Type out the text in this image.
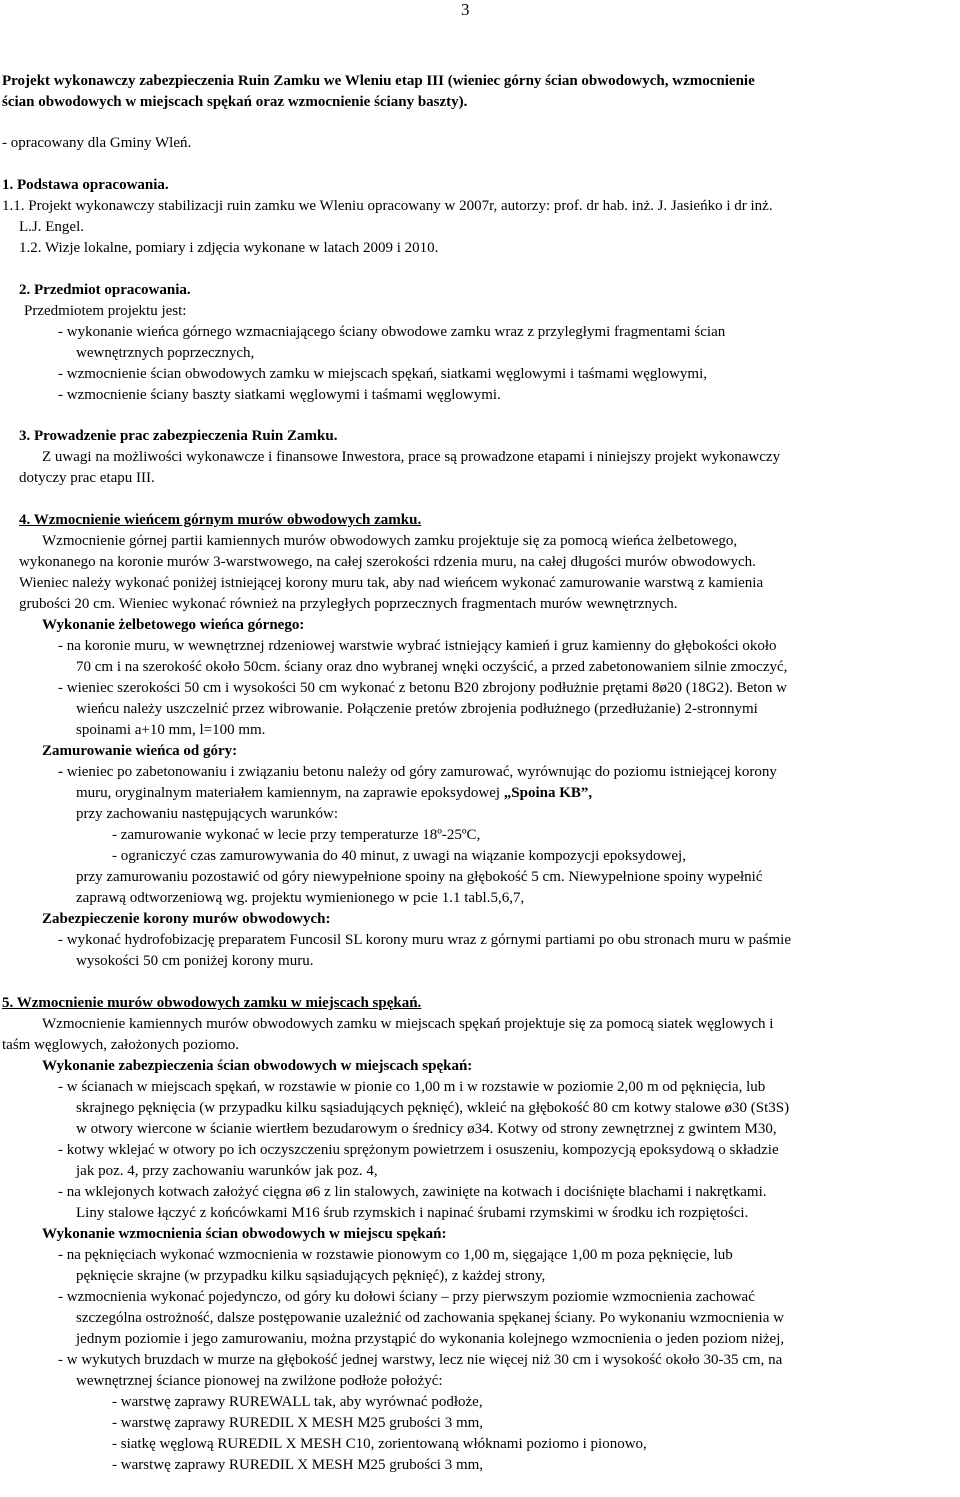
3
Projekt wykonawczy zabezpieczenia Ruin Zamku we Wleniu etap III (wieniec górny ścian obwodowych, wzmocnienie
ścian obwodowych w miejscach spękań oraz wzmocnienie ściany baszty).
- opracowany dla Gminy Wleń.
1. Podstawa opracowania.
1.1. Projekt wykonawczy stabilizacji ruin zamku we Wleniu opracowany w 2007r, autorzy: prof. dr hab. inż. J. Jasieńko i dr inż.
L.J. Engel.
1.2. Wizje lokalne, pomiary i zdjęcia wykonane w latach 2009 i 2010.
2. Przedmiot opracowania.
Przedmiotem projektu jest:
- wykonanie wieńca górnego wzmacniającego ściany obwodowe zamku wraz z przyległymi fragmentami ścian
wewnętrznych poprzecznych,
- wzmocnienie ścian obwodowych zamku w miejscach spękań, siatkami węglowymi i taśmami węglowymi,
- wzmocnienie ściany baszty siatkami węglowymi i taśmami węglowymi.
3. Prowadzenie prac zabezpieczenia Ruin Zamku.
Z uwagi na możliwości wykonawcze i finansowe Inwestora, prace są prowadzone etapami i niniejszy projekt wykonawczy
dotyczy prac etapu III.
4. Wzmocnienie wieńcem górnym murów obwodowych zamku.
Wzmocnienie górnej partii kamiennych murów obwodowych zamku projektuje się za pomocą wieńca żelbetowego,
wykonanego na koronie murów 3-warstwowego, na całej szerokości rdzenia muru, na całej długości murów obwodowych.
Wieniec należy wykonać poniżej istniejącej korony muru tak, aby nad wieńcem wykonać zamurowanie warstwą z kamienia
grubości 20 cm. Wieniec wykonać również na przyległych poprzecznych fragmentach murów wewnętrznych.
Wykonanie żelbetowego wieńca górnego:
- na koronie muru, w wewnętrznej rdzeniowej warstwie wybrać istniejący kamień i gruz kamienny do głębokości około
70 cm i na szerokość około 50cm. ściany oraz dno wybranej wnęki oczyścić, a przed zabetonowaniem silnie zmoczyć,
- wieniec szerokości 50 cm i wysokości 50 cm wykonać z betonu B20 zbrojony podłużnie prętami 8ø20 (18G2). Beton w
wieńcu należy uszczelnić przez wibrowanie. Połączenie pretów zbrojenia podłużnego (przedłużanie) 2-stronnymi
spoinami a+10 mm, l=100 mm.
Zamurowanie wieńca od góry:
- wieniec po zabetonowaniu i związaniu betonu należy od góry zamurować, wyrównując do poziomu istniejącej korony
muru, oryginalnym materiałem kamiennym, na zaprawie epoksydowej „Spoina KB”,
przy zachowaniu następujących warunków:
- zamurowanie wykonać w lecie przy temperaturze 18º-25ºC,
- ograniczyć czas zamurowywania do 40 minut, z uwagi na wiązanie kompozycji epoksydowej,
przy zamurowaniu pozostawić od góry niewypełnione spoiny na głębokość 5 cm. Niewypełnione spoiny wypełnić
zaprawą odtworzeniową wg. projektu wymienionego w pcie 1.1 tabl.5,6,7,
Zabezpieczenie korony murów obwodowych:
- wykonać hydrofobizację preparatem Funcosil SL korony muru wraz z górnymi partiami po obu stronach muru w paśmie
wysokości 50 cm poniżej korony muru.
5. Wzmocnienie murów obwodowych zamku w miejscach spękań.
Wzmocnienie kamiennych murów obwodowych zamku w miejscach spękań projektuje się za pomocą siatek węglowych i
taśm węglowych, założonych poziomo.
Wykonanie zabezpieczenia ścian obwodowych w miejscach spękań:
- w ścianach w miejscach spękań, w rozstawie w pionie co 1,00 m i w rozstawie w poziomie 2,00 m od pęknięcia, lub
skrajnego pęknięcia (w przypadku kilku sąsiadujących pęknięć), wkleić na głębokość 80 cm kotwy stalowe ø30 (St3S)
w otwory wiercone w ścianie wiertłem bezudarowym o średnicy ø34. Kotwy od strony zewnętrznej z gwintem M30,
- kotwy wklejać w otwory po ich oczyszczeniu sprężonym powietrzem i osuszeniu, kompozycją epoksydową o składzie
jak poz. 4, przy zachowaniu warunków jak poz. 4,
- na wklejonych kotwach założyć cięgna ø6 z lin stalowych, zawinięte na kotwach i dociśnięte blachami i nakrętkami.
Liny stalowe łączyć z końcówkami M16 śrub rzymskich i napinać śrubami rzymskimi w środku ich rozpiętości.
Wykonanie wzmocnienia ścian obwodowych w miejscu spękań:
- na pęknięciach wykonać wzmocnienia w rozstawie pionowym co 1,00 m, sięgające 1,00 m poza pęknięcie, lub
pęknięcie skrajne (w przypadku kilku sąsiadujących pęknięć), z każdej strony,
- wzmocnienia wykonać pojedynczo, od góry ku dołowi ściany – przy pierwszym poziomie wzmocnienia zachować
szczególna ostrożność, dalsze postępowanie uzależnić od zachowania spękanej ściany. Po wykonaniu wzmocnienia w
jednym poziomie i jego zamurowaniu, można przystąpić do wykonania kolejnego wzmocnienia o jeden poziom niżej,
- w wykutych bruzdach w murze na głębokość jednej warstwy, lecz nie więcej niż 30 cm i wysokość około 30-35 cm, na
wewnętrznej ściance pionowej na zwilżone podłoże położyć:
- warstwę zaprawy RUREWALL tak, aby wyrównać podłoże,
- warstwę zaprawy RUREDIL X MESH M25 grubości 3 mm,
- siatkę węglową RUREDIL X MESH C10, zorientowaną włóknami poziomo i pionowo,
- warstwę zaprawy RUREDIL X MESH M25 grubości 3 mm,
